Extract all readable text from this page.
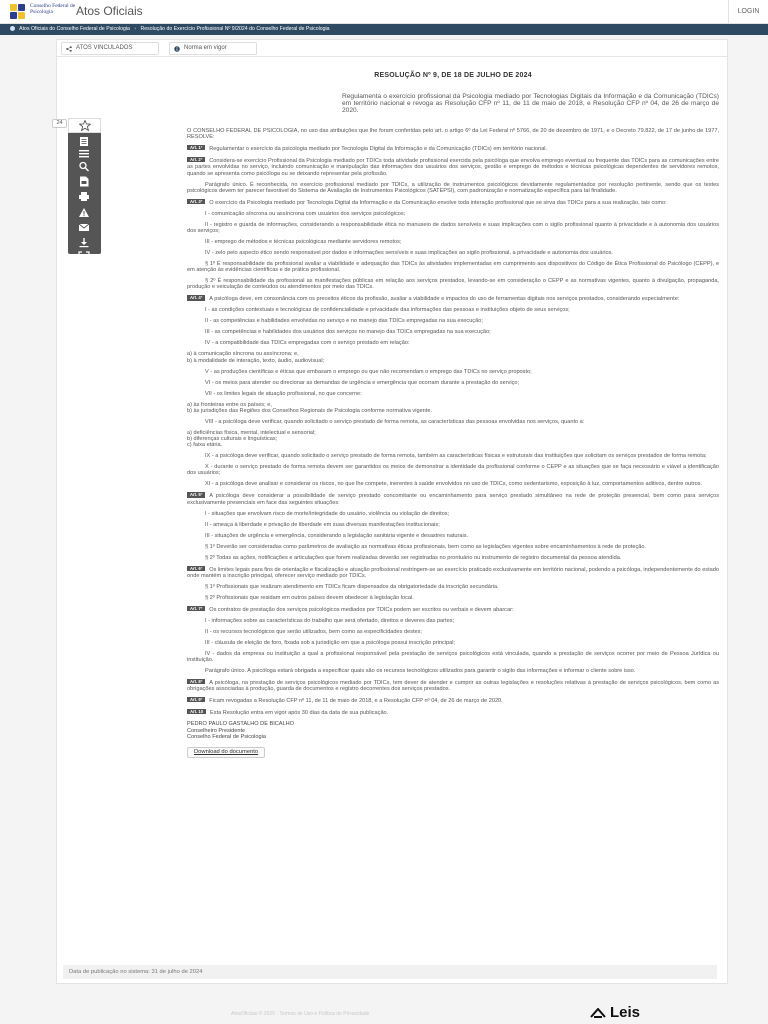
Conselho Federal de Psicologia	Atos Oficiais	LOGIN
Atos Oficiais do Conselho Federal de Psicologia › Resolução do Exercício Profissional Nº 9/2024 do Conselho Federal de Psicologia
ATOS VINCULADOS	Norma em vigor
RESOLUÇÃO Nº 9, DE 18 DE JULHO DE 2024
Regulamenta o exercício profissional da Psicologia mediado por Tecnologias Digitais da Informação e da Comunicação (TDICs) em território nacional e revoga as Resolução CFP nº 11, de 11 de maio de 2018, e Resolução CFP nº 04, de 26 de março de 2020.
O CONSELHO FEDERAL DE PSICOLOGIA, no uso das atribuições que lhe foram conferidas pelo art. o artigo 6º da Lei Federal nº 5766, de 20 de dezembro de 1971, e o Decreto 79.822, de 17 de junho de 1977, RESOLVE:
Art. 1º Regulamentar o exercício da psicologia mediado por Tecnologia Digital da Informação e da Comunicação (TDICs) em território nacional.
Art. 2º Considera-se exercício Profissional da Psicologia mediado por TDICs toda atividade profissional exercida pela psicóloga que envolva emprego eventual ou frequente das TDICs para as comunicações entre as partes envolvidas no serviço, incluindo comunicação e manipulação das informações dos usuários dos serviços, gestão e emprego de métodos e técnicas psicológicas dependentes de servidores remotos, quando se apresenta como psicóloga ou se deixando representar pela profissão.
Parágrafo único. É reconhecida, no exercício profissional mediado por TDICs, a utilização de instrumentos psicológicos devidamente regulamentados por resolução pertinente, sendo que os testes psicológicos devem ter parecer favorável do Sistema de Avaliação de Instrumentos Psicológicos (SATEPSI), com padronização e normatização específica para tal finalidade.
Art. 3º O exercício da Psicologia mediado por Tecnologia Digital da Informação e da Comunicação envolve toda interação profissional que se sirva das TDICs para a sua realização, tais como:
I - comunicação síncrona ou assíncrona com usuários dos serviços psicológicos;
II - registro e guarda de informações, considerando a responsabilidade ética no manuseio de dados sensíveis e suas implicações com o sigilo profissional quanto à privacidade e à autonomia dos usuários dos serviços;
III - emprego de métodos e técnicas psicológicas mediante servidores remotos;
IV - zelo pelo aspecto ético sendo responsável por dados e informações sensíveis e suas implicações ao sigilo profissional, a privacidade e autonomia dos usuários.
§ 1º É responsabilidade da profissional avaliar a viabilidade e adequação das TDICs às atividades implementadas em cumprimento aos dispositivos do Código de Ética Profissional do Psicólogo (CEPP), e em atenção às evidências científicas e de prática profissional.
§ 2º É responsabilidade da profissional as manifestações públicas em relação aos serviços prestados, levando-se em consideração o CEPP e as normativas vigentes, quanto à divulgação, propaganda, produção e veiculação de conteúdos ou atendimentos por meio das TDICs.
Art. 4º A psicóloga deve, em consonância com os preceitos éticos da profissão, avaliar a viabilidade e impactos do uso de ferramentas digitais nos serviços prestados, considerando especialmente:
I - as condições contextuais e tecnológicas de confidencialidade e privacidade das informações das pessoas e instituições objeto de seus serviços;
II - as competências e habilidades envolvidas no serviço e no manejo das TDICs empregadas na sua execução;
III - as competências e habilidades dos usuários dos serviços no manejo das TDICs empregadas na sua execução;
IV - a compatibilidade das TDICs empregadas com o serviço prestado em relação:
a) à comunicação síncrona ou assíncrona; e,
b) à modalidade de interação, texto, áudio, audiovisual;
V - as produções científicas e éticas que embasam o emprego ou que não recomendam o emprego das TDICs no serviço proposto;
VI - os meios para atender ou direcionar as demandas de urgência e emergência que ocorram durante a prestação do serviço;
VII - os limites legais de atuação profissional, no que concerne:
a) às fronteiras entre os países; e,
b) às jurisdições das Regiões dos Conselhos Regionais de Psicologia conforme normativa vigente.
VIII - a psicóloga deve verificar, quando solicitado o serviço prestado de forma remota, as características das pessoas envolvidas nos serviços, quanto a:
a) deficiências física, mental, intelectual e sensorial;
b) diferenças culturais e linguísticas;
c) faixa etária.
IX - a psicóloga deve verificar, quando solicitado o serviço prestado de forma remota, também as características físicas e estruturais das instituições que solicitam os serviços prestados de forma remota;
X - durante o serviço prestado de forma remota devem ser garantidos os meios de demonstrar a identidade da profissional conforme o CEPP e as situações que se faça necessário e viável a identificação dos usuários;
XI - a psicóloga deve analisar e considerar os riscos, no que lhe compete, inerentes à saúde envolvidos no uso de TDICs, como sedentarismo, exposição à luz, comportamentos aditivos, dentre outros.
Art. 5º A psicóloga deve considerar a possibilidade de serviço prestado concomitante ou encaminhamento para serviço prestado simultâneo na rede de proteção presencial, bem como para serviços exclusivamente presenciais em face das seguintes situações:
I - situações que envolvam risco de morte/integridade do usuário, violência ou violação de direitos;
II - ameaça à liberdade e privação de liberdade em suas diversas manifestações institucionais;
III - situações de urgência e emergência, considerando a legislação sanitária vigente e desastres naturais.
§ 1º Deverão ser consideradas como parâmetros de avaliação as normativas éticas profissionais, bem como as legislações vigentes sobre encaminhamentos à rede de proteção.
§ 2º Todas as ações, notificações e articulações que forem realizadas deverão ser registradas no prontuário ou instrumento de registro documental da pessoa atendida.
Art. 6º Os limites legais para fins de orientação e fiscalização e atuação profissional restringem-se ao exercício praticado exclusivamente em território nacional, podendo a psicóloga, independentemente do estado onde mantém a inscrição principal, oferecer serviço mediado por TDICs.
§ 1º Profissionais que realizam atendimento em TDICs ficam dispensados da obrigatoriedade da inscrição secundária.
§ 2º Profissionais que residam em outros países devem obedecer à legislação local.
Art. 7º Os contratos de prestação dos serviços psicológicos mediados por TDICs podem ser escritos ou verbais e devem abarcar:
I - informações sobre as características do trabalho que será ofertado, direitos e deveres das partes;
II - os recursos tecnológicos que serão utilizados, bem como as especificidades destes;
III - cláusula de eleição de foro, fixada sob a jurisdição em que a psicóloga possui inscrição principal;
IV - dados da empresa ou instituição a qual a profissional responsável pela prestação de serviços psicológicos está vinculada, quando a prestação de serviços ocorrer por meio de Pessoa Jurídica ou instituição.
Parágrafo único. A psicóloga estará obrigada a especificar quais são os recursos tecnológicos utilizados para garantir o sigilo das informações e informar o cliente sobre isso.
Art. 8º A psicóloga, na prestação de serviços psicológicos mediado por TDICs, tem dever de atender e cumprir as outras legislações e resoluções relativas à prestação de serviços psicológicos, bem como as obrigações associadas à produção, guarda de documentos e registro decorrentes dos serviços prestados.
Art. 9º Ficam revogadas a Resolução CFP nº 11, de 11 de maio de 2018, e a Resolução CFP nº 04, de 26 de março de 2020.
Art. 10 Esta Resolução entra em vigor após 30 dias da data de sua publicação.
PEDRO PAULO GASTALHO DE BICALHO
Conselheiro Presidente
Conselho Federal de Psicologia
Download do documento
Data de publicação no sistema: 31 de julho de 2024
24
AtosOficiais © 2025 · Termos de Uso e Política de Privacidade	Leis
